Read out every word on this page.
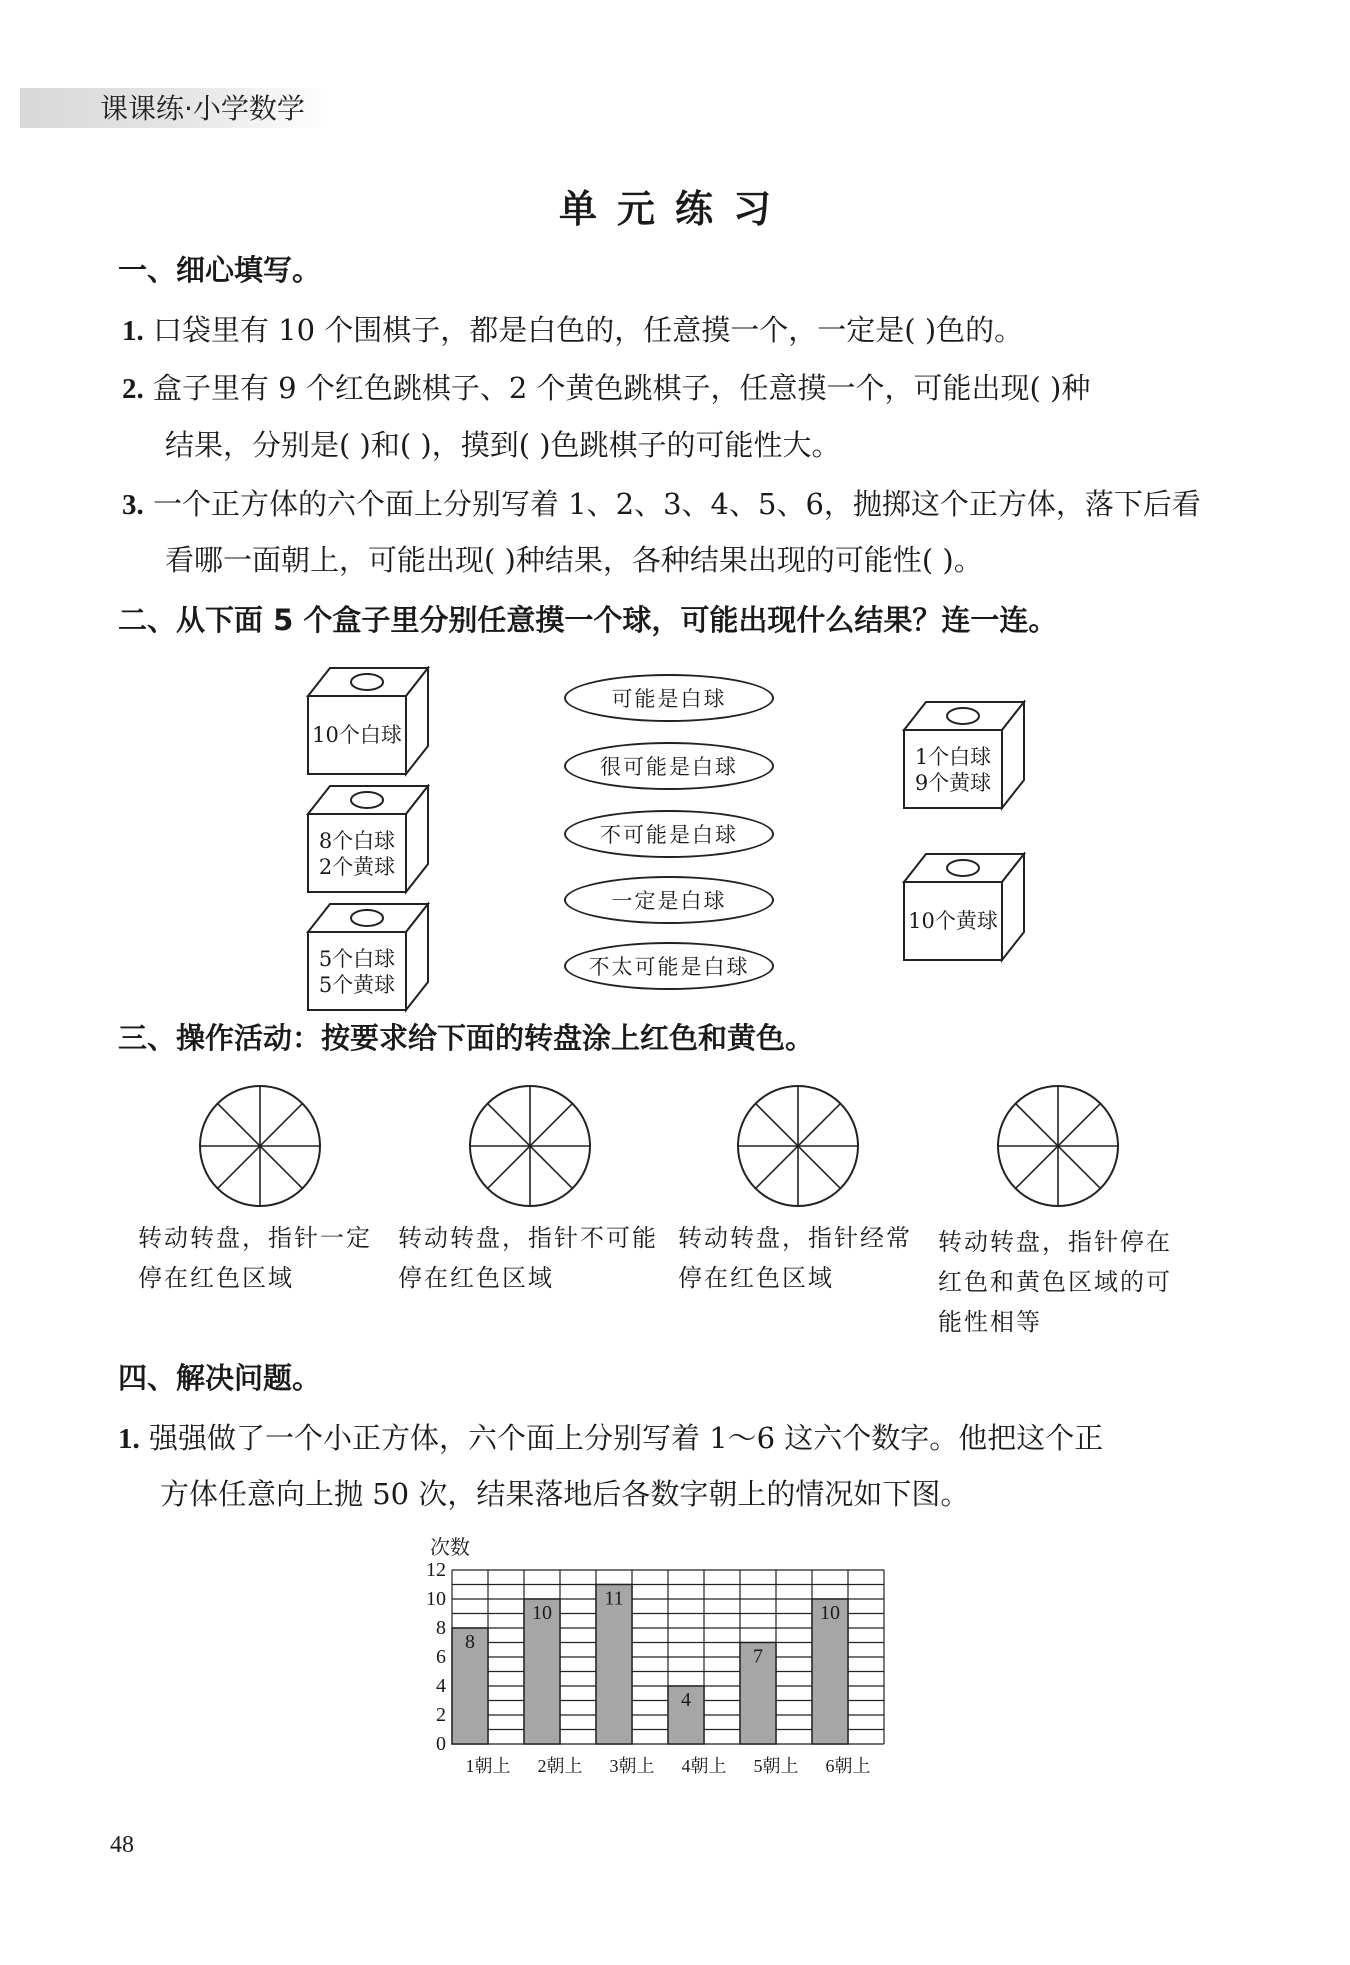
课课练·小学数学
单元练习
一、细心填写。
1. 口袋里有 10 个围棋子，都是白色的，任意摸一个，一定是( )色的。
2. 盒子里有 9 个红色跳棋子、2 个黄色跳棋子，任意摸一个，可能出现( )种
结果，分别是( )和( )，摸到( )色跳棋子的可能性大。
3. 一个正方体的六个面上分别写着 1、2、3、4、5、6，抛掷这个正方体，落下后看
看哪一面朝上，可能出现( )种结果，各种结果出现的可能性( )。
二、从下面 5 个盒子里分别任意摸一个球，可能出现什么结果？连一连。
10个白球
8个白球
2个黄球
5个白球
5个黄球
可能是白球
很可能是白球
不可能是白球
一定是白球
不太可能是白球
1个白球
9个黄球
10个黄球
三、操作活动：按要求给下面的转盘涂上红色和黄色。
转动转盘，指针一定停在红色区域
转动转盘，指针不可能停在红色区域
转动转盘，指针经常停在红色区域
转动转盘，指针停在红色和黄色区域的可能性相等
四、解决问题。
1. 强强做了一个小正方体，六个面上分别写着 1～6 这六个数字。他把这个正
方体任意向上抛 50 次，结果落地后各数字朝上的情况如下图。
次数
8
10
11
4
7
10
0
2
4
6
8
10
12
1朝上 2朝上 3朝上 4朝上 5朝上 6朝上
48
